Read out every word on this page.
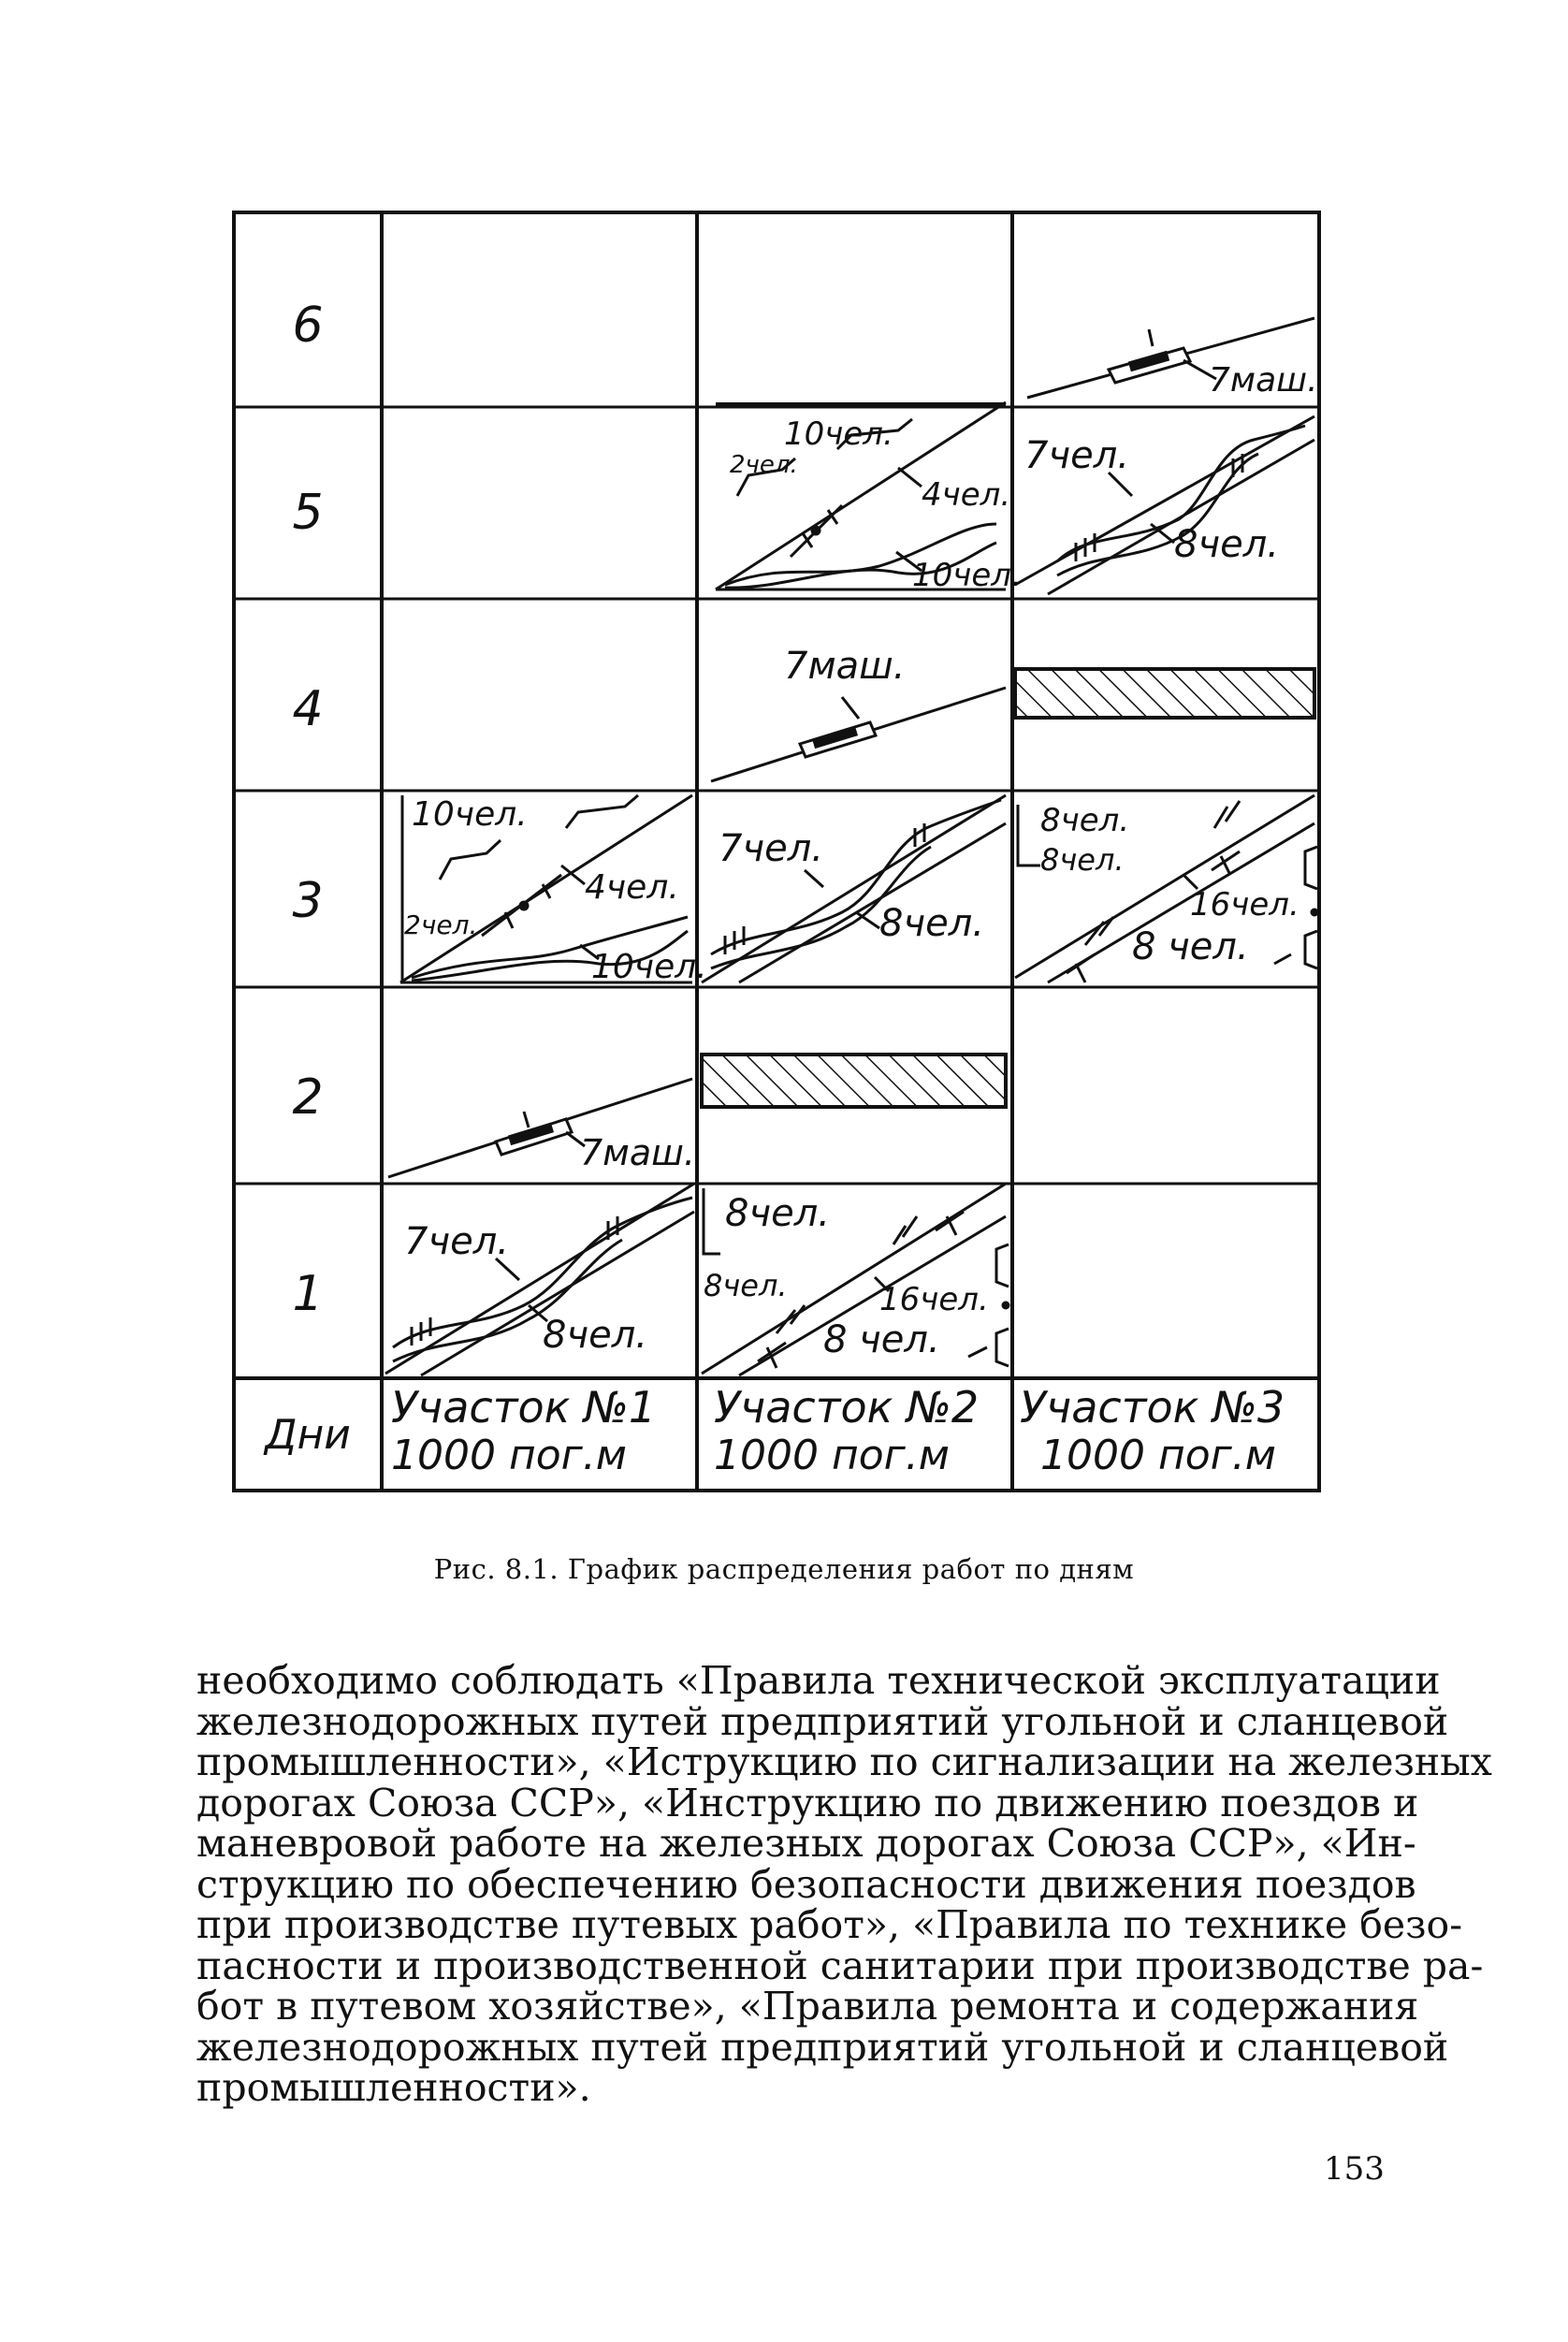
6
5
4
3
2
1
Дни
Участок №1
1000 пог.м
Участок №2
1000 пог.м
Участок №3
1000 пог.м
7маш.
10чел.
2чел.
4чел.
10чел.
7чел.
8чел.
7маш.
10чел.
2чел.
4чел.
10чел.
7чел.
8чел.
8чел.
8чел.
16чел.
8 чел.
7маш.
7чел.
8чел.
8чел.
8чел.	16чел.
8 чел.
Рис. 8.1. График распределения работ по дням
необходимо соблюдать «Правила технической эксплуатации
железнодорожных путей предприятий угольной и сланцевой
промышленности», «Иструкцию по сигнализации на железных
дорогах Союза ССР», «Инструкцию по движению поездов и
маневровой работе на железных дорогах Союза ССР», «Ин-
струкцию по обеспечению безопасности движения поездов
при производстве путевых работ», «Правила по технике безо-
пасности и производственной санитарии при производстве ра-
бот в путевом хозяйстве», «Правила ремонта и содержания
железнодорожных путей предприятий угольной и сланцевой
промышленности».
153
